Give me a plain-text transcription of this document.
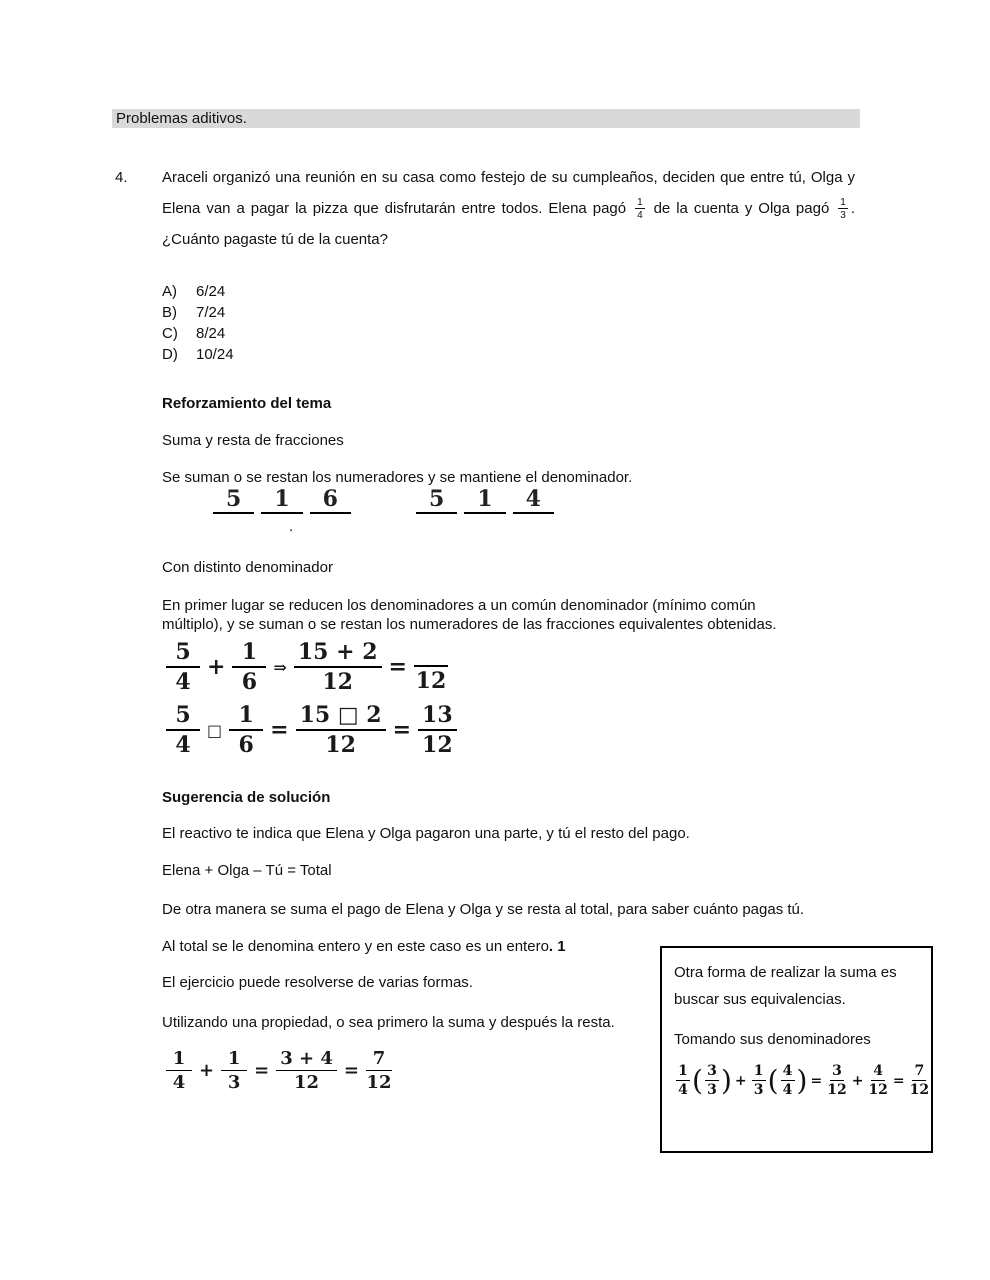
Problemas aditivos.
4.	Araceli organizó una reunión en su casa como festejo de su cumpleaños, deciden que entre tú, Olga y Elena van a pagar la pizza que disfrutarán entre todos. Elena pagó $\frac{1}{4}$ de la cuenta y Olga pagó $\frac{1}{3}$ . ¿Cuánto pagaste tú de la cuenta?
A) 6/24
B) 7/24
C) 8/24
D) 10/24
Reforzamiento del tema
Suma y resta de fracciones
Se suman o se restan los numeradores y se mantiene el denominador.
5	1	6	5	1	4
.
Con distinto denominador
En primer lugar se reducen los denominadores a un común denominador (mínimo común múltiplo), y se suman o se restan los numeradores de las fracciones equivalentes obtenidas.
$\frac{5}{4} + \frac{1}{6}$ ⇒ $\frac{15 + 2}{12}$ =
12
$\frac{5}{4}$ □ $\frac{1}{6} = \frac{15 □ 2}{12} = \frac{13}{12}$
Sugerencia de solución
El reactivo te indica que Elena y Olga pagaron una parte, y tú el resto del pago.
Elena + Olga – Tú = Total
De otra manera se suma el pago de Elena y Olga y se resta al total, para saber cuánto pagas tú.
Al total se le denomina entero y en este caso es un entero. 1
El ejercicio puede resolverse de varias formas.
Utilizando una propiedad, o sea primero la suma y después la resta.
$\frac{1}{4} + \frac{1}{3} = \frac{3 + 4}{12} = \frac{7}{12}$
Otra forma de realizar la suma es buscar sus equivalencias.
Tomando sus denominadores
$\frac{1}{4}$ ( $\frac{3}{3}$ ) + $\frac{1}{3}$ ( $\frac{4}{4}$ ) = $\frac{3}{12} + \frac{4}{12} = \frac{7}{12}$
